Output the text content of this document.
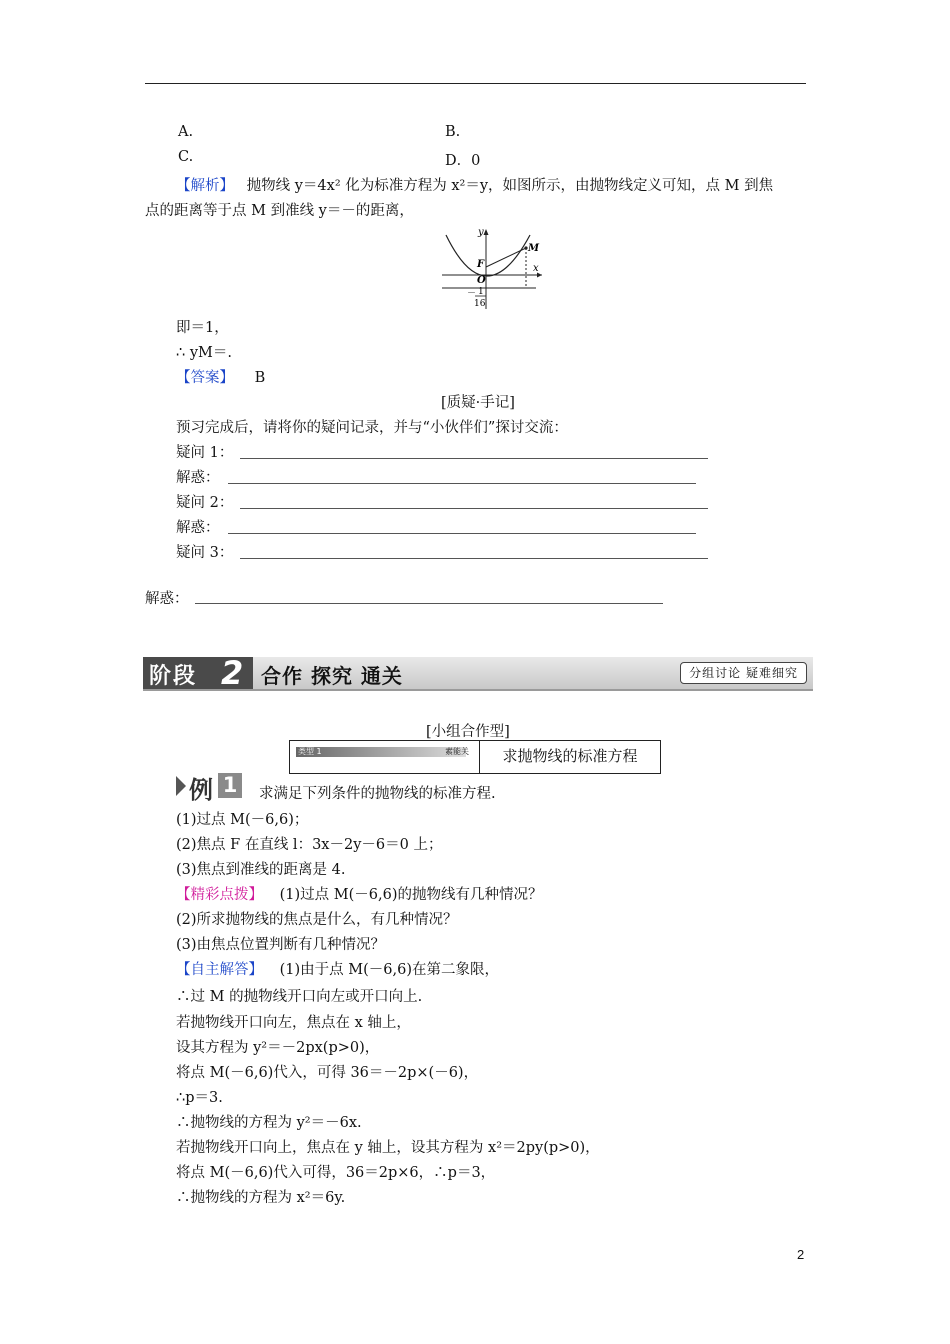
A.	B.
C.	D．0
【解析】 抛物线 y＝4x² 化为标准方程为 x²＝y，如图所示，由抛物线定义可知，点 M 到焦
点的距离等于点 M 到准线 y＝－的距离，
y
x
M
F
O
－ 1
16
即＝1，
∴ yM＝.
【答案】 B
[质疑·手记]
预习完成后，请将你的疑问记录，并与“小伙伴们”探讨交流：
疑问 1：
解惑：
疑问 2：
解惑：
疑问 3：
解惑：
阶段 2 合作 探究 通关	分组讨论 疑难细究
[小组合作型]
类型 1	素能关	求抛物线的标准方程
例 1	求满足下列条件的抛物线的标准方程.
(1)过点 M(－6,6)；
(2)焦点 F 在直线 l：3x－2y－6＝0 上；
(3)焦点到准线的距离是 4.
【精彩点拨】 (1)过点 M(－6,6)的抛物线有几种情况？
(2)所求抛物线的焦点是什么，有几种情况？
(3)由焦点位置判断有几种情况？
【自主解答】 (1)由于点 M(－6,6)在第二象限，
∴过 M 的抛物线开口向左或开口向上.
若抛物线开口向左，焦点在 x 轴上，
设其方程为 y²＝－2px(p>0)，
将点 M(－6,6)代入，可得 36＝－2p×(－6)，
∴p＝3.
∴抛物线的方程为 y²＝－6x.
若抛物线开口向上，焦点在 y 轴上，设其方程为 x²＝2py(p>0)，
将点 M(－6,6)代入可得，36＝2p×6，∴p＝3，
∴抛物线的方程为 x²＝6y.
2
